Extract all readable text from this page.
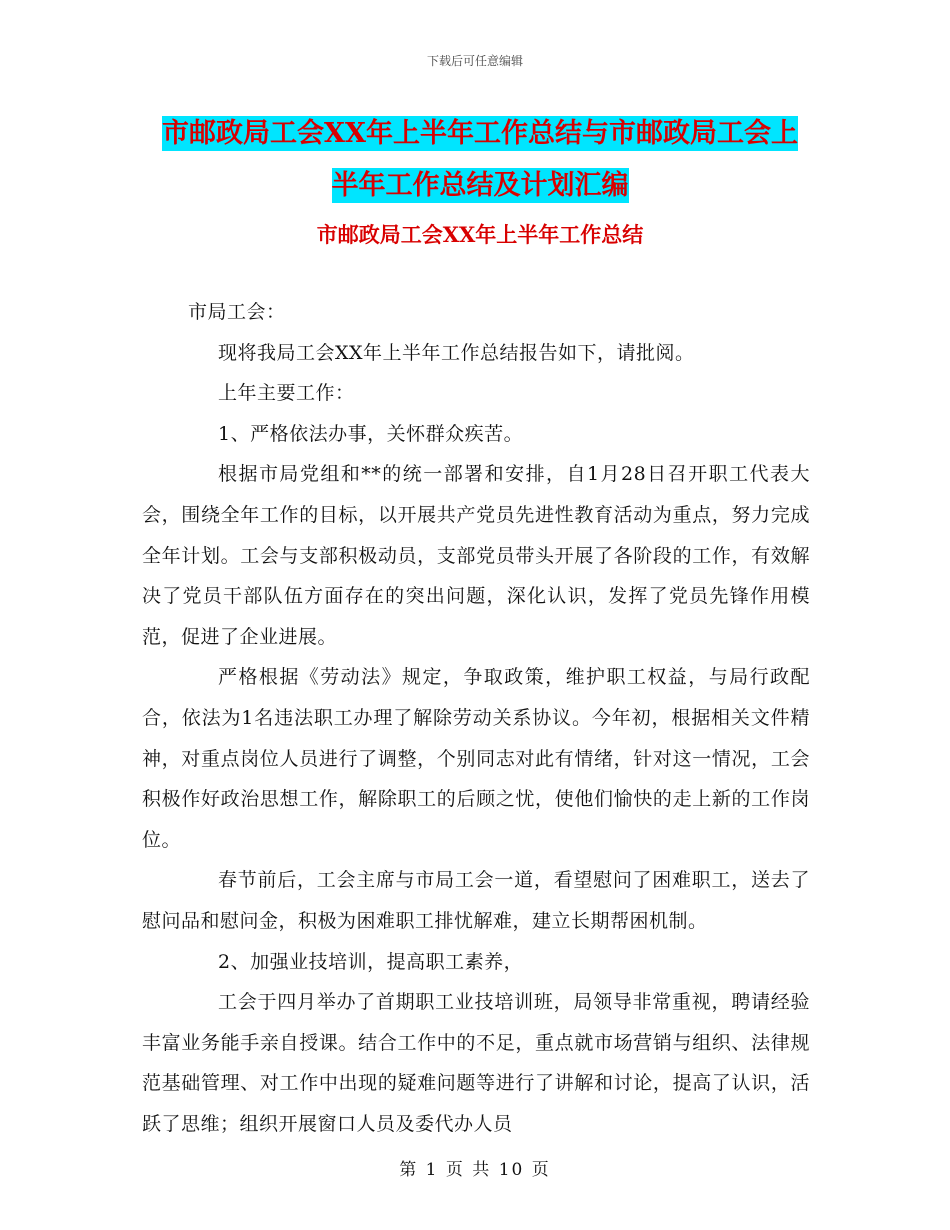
下载后可任意编辑
市邮政局工会XX年上半年工作总结与市邮政局工会上
半年工作总结及计划汇编
市邮政局工会XX年上半年工作总结

市局工会：

现将我局工会XX年上半年工作总结报告如下，请批阅。

上年主要工作：

1、严格依法办事，关怀群众疾苦。

根据市局党组和**的统一部署和安排，自1月28日召开职工代表大会，围绕全年工作的目标，以开展共产党员先进性教育活动为重点，努力完成全年计划。工会与支部积极动员，支部党员带头开展了各阶段的工作，有效解决了党员干部队伍方面存在的突出问题，深化认识，发挥了党员先锋作用模范，促进了企业进展。

严格根据《劳动法》规定，争取政策，维护职工权益，与局行政配合，依法为1名违法职工办理了解除劳动关系协议。今年初，根据相关文件精神，对重点岗位人员进行了调整，个别同志对此有情绪，针对这一情况，工会积极作好政治思想工作，解除职工的后顾之忧，使他们愉快的走上新的工作岗位。

春节前后，工会主席与市局工会一道，看望慰问了困难职工，送去了慰问品和慰问金，积极为困难职工排忧解难，建立长期帮困机制。

2、加强业技培训，提高职工素养，

工会于四月举办了首期职工业技培训班，局领导非常重视，聘请经验丰富业务能手亲自授课。结合工作中的不足，重点就市场营销与组织、法律规范基础管理、对工作中出现的疑难问题等进行了讲解和讨论，提高了认识，活跃了思维；组织开展窗口人员及委代办人员

第 1 页 共 10 页
